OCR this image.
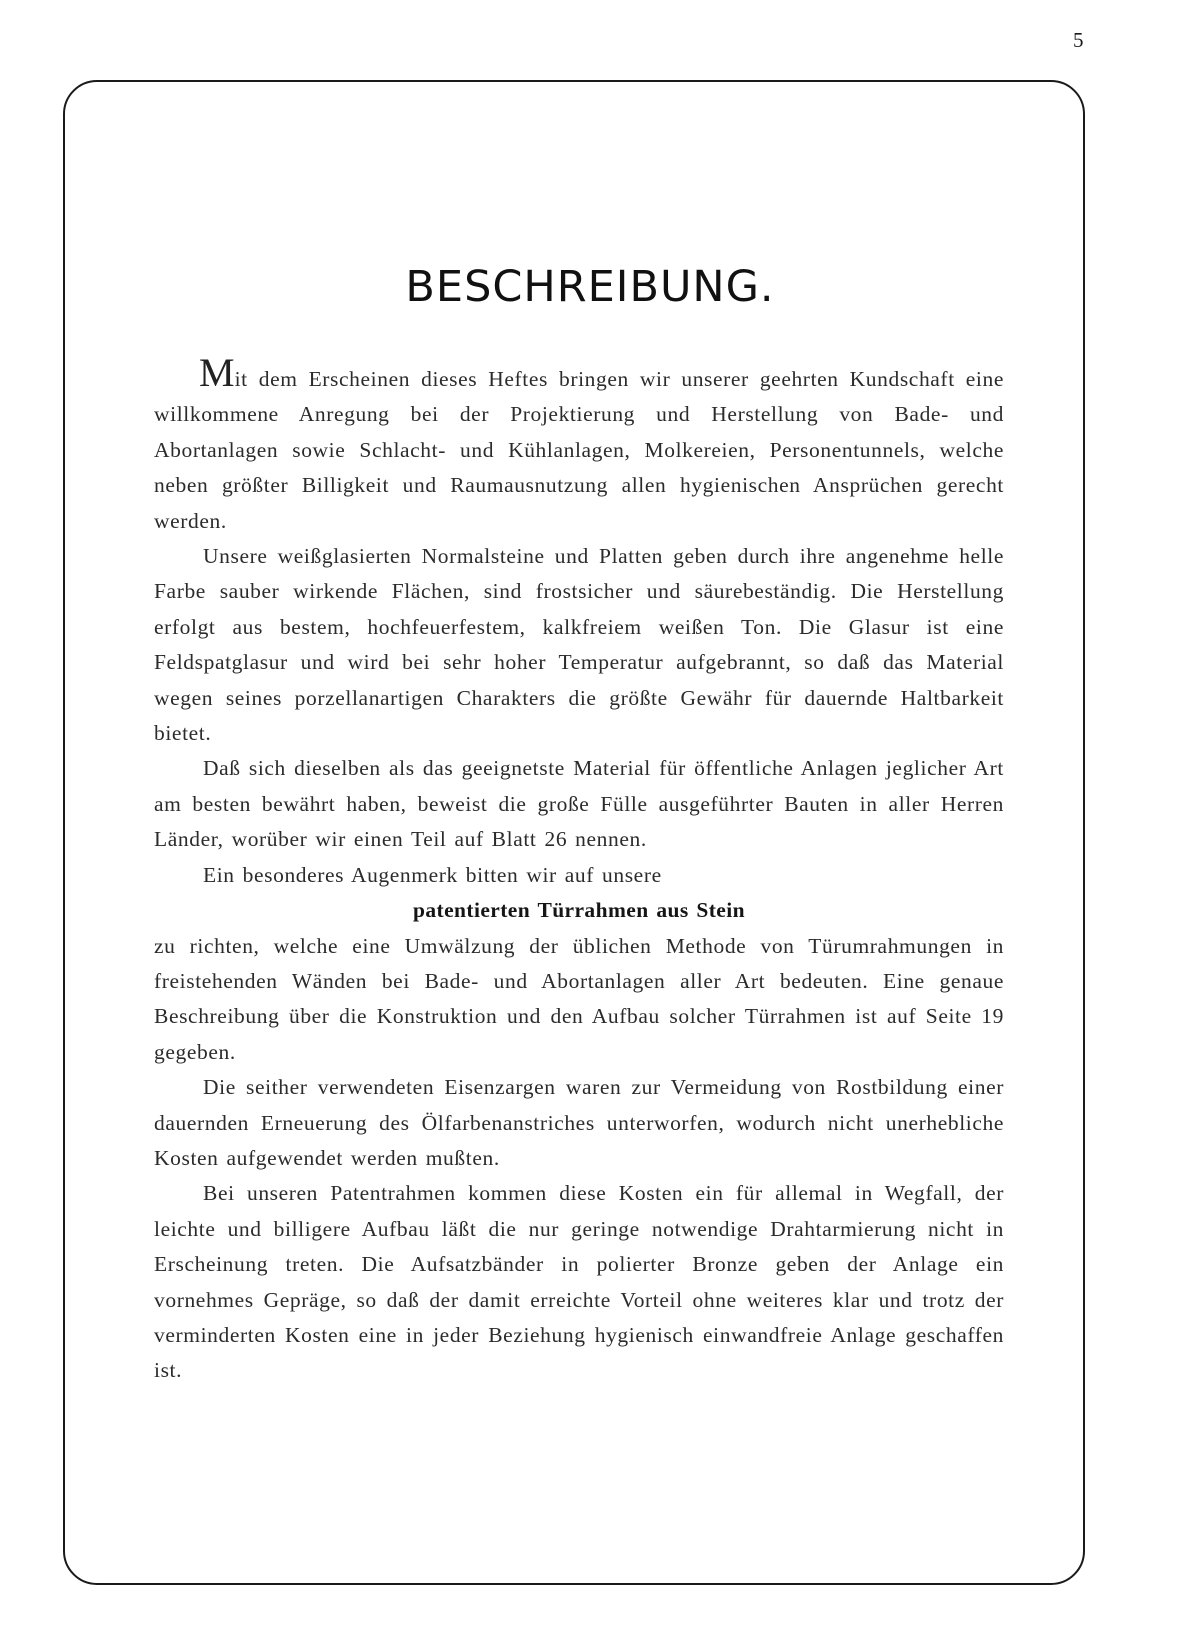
5
BESCHREIBUNG.

Mit dem Erscheinen dieses Heftes bringen wir unserer geehrten Kundschaft eine willkommene Anregung bei der Projektierung und Herstellung von Bade- und Abortanlagen sowie Schlacht- und Kühlanlagen, Molkereien, Personentunnels, welche neben größter Billigkeit und Raumausnutzung allen hygienischen Ansprüchen gerecht werden.

Unsere weißglasierten Normalsteine und Platten geben durch ihre angenehme helle Farbe sauber wirkende Flächen, sind frostsicher und säurebeständig. Die Herstellung erfolgt aus bestem, hochfeuerfestem, kalkfreiem weißen Ton. Die Glasur ist eine Feldspatglasur und wird bei sehr hoher Temperatur aufgebrannt, so daß das Material wegen seines porzellanartigen Charakters die größte Gewähr für dauernde Haltbarkeit bietet.

Daß sich dieselben als das geeignetste Material für öffentliche Anlagen jeglicher Art am besten bewährt haben, beweist die große Fülle ausgeführter Bauten in aller Herren Länder, worüber wir einen Teil auf Blatt 26 nennen.

Ein besonderes Augenmerk bitten wir auf unsere

patentierten Türrahmen aus Stein

zu richten, welche eine Umwälzung der üblichen Methode von Türumrahmungen in freistehenden Wänden bei Bade- und Abortanlagen aller Art bedeuten. Eine genaue Beschreibung über die Konstruktion und den Aufbau solcher Türrahmen ist auf Seite 19 gegeben.

Die seither verwendeten Eisenzargen waren zur Vermeidung von Rostbildung einer dauernden Erneuerung des Ölfarbenanstriches unterworfen, wodurch nicht unerhebliche Kosten aufgewendet werden mußten.

Bei unseren Patentrahmen kommen diese Kosten ein für allemal in Wegfall, der leichte und billigere Aufbau läßt die nur geringe notwendige Drahtarmierung nicht in Erscheinung treten. Die Aufsatzbänder in polierter Bronze geben der Anlage ein vornehmes Gepräge, so daß der damit erreichte Vorteil ohne weiteres klar und trotz der verminderten Kosten eine in jeder Beziehung hygienisch einwandfreie Anlage geschaffen ist.
